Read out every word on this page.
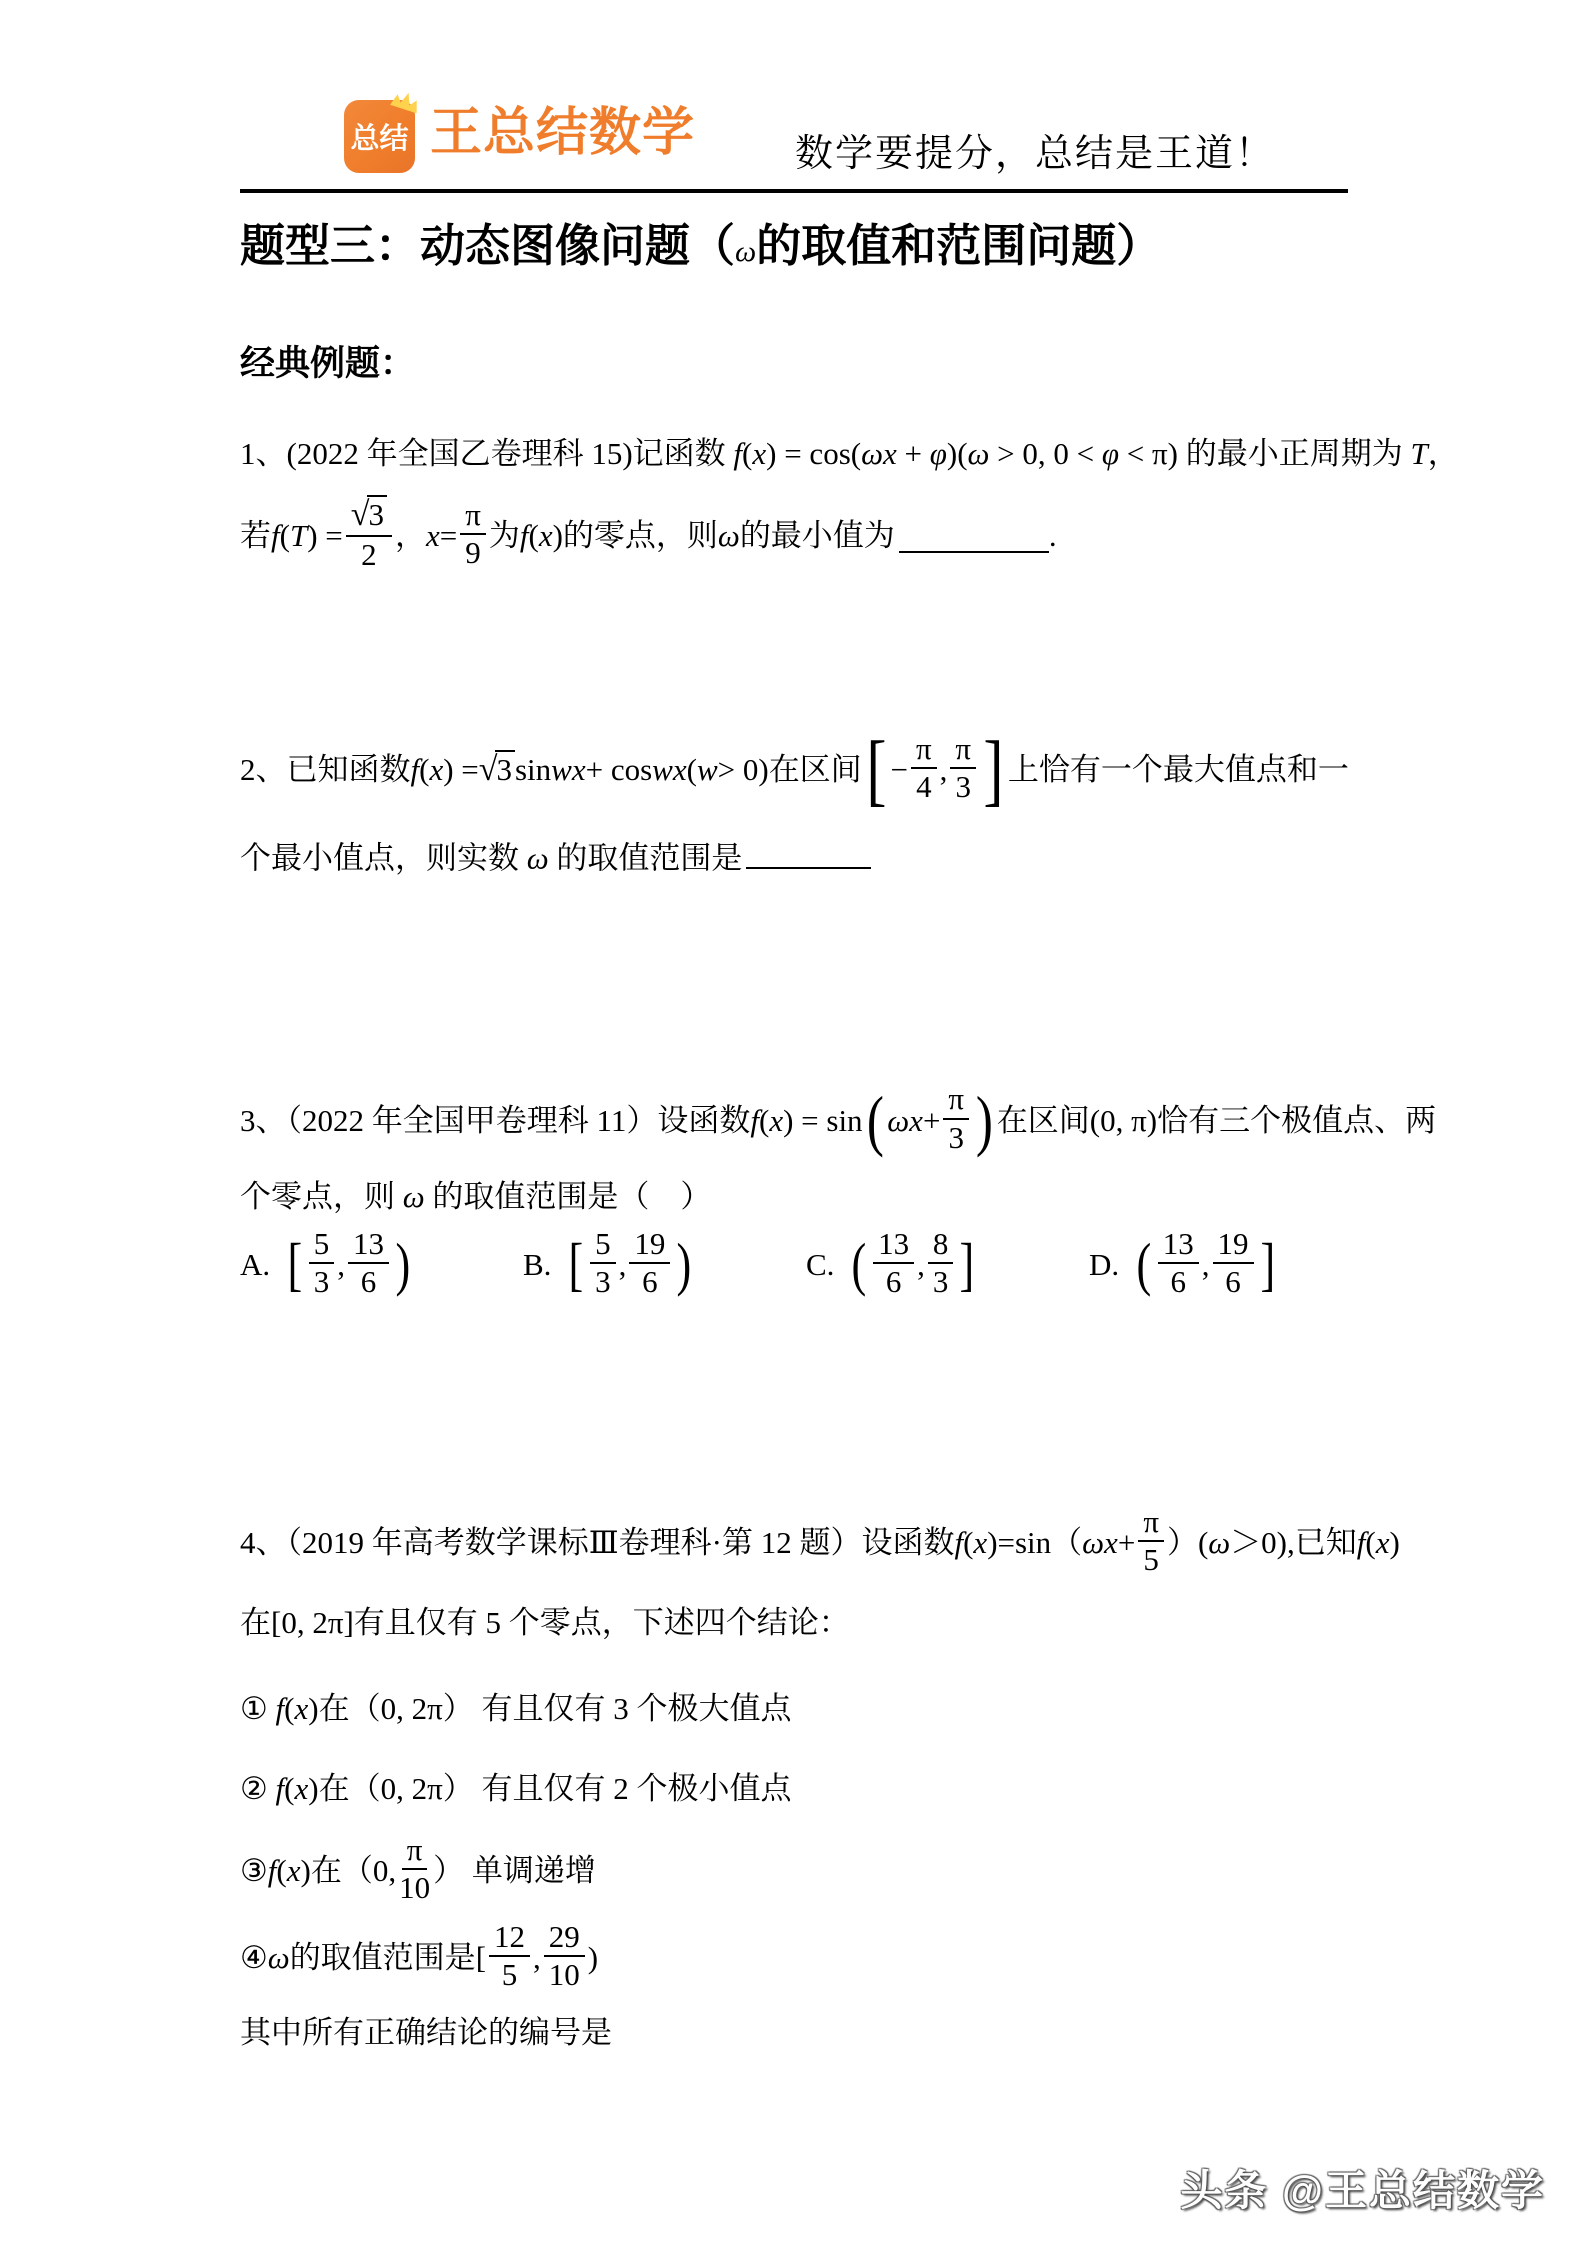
总结 王总结数学	数学要提分，总结是王道！
题型三：动态图像问题（ω的取值和范围问题）
经典例题：

1、(2022 年全国乙卷理科 15)记函数 f(x) = cos(ωx + φ)(ω > 0, 0 < φ < π) 的最小正周期为 T，

若 f ( T ) = $\frac{√3}{2}$ ， $x = \frac{\pi}{9}$ 为 f ( x ) 的零点，则 ω 的最小值为	.

2、已知函数 f ( x ) = √3 sin wx + cos wx ( w > 0) 在区间 [ − $\frac{\pi}{4}$ , $\frac{\pi}{3}$ ] 上恰有一个最大值点和一

个最小值点，则实数 ω 的取值范围是

3、（2022 年全国甲卷理科 11）设函数 f ( x ) = sin ( $\omega x + \frac{\pi}{3}$ ) 在区间 (0, π) 恰有三个极值点、两

个零点，则 ω 的取值范围是（　）

A. [ $\frac{5}{3}$ , $\frac{13}{6}$ )	B. [ $\frac{5}{3}$ , $\frac{19}{6}$ )	C. ( $\frac{13}{6}$ , $\frac{8}{3}$ ]	D. ( $\frac{13}{6}$ , $\frac{19}{6}$ ]

4、（2019 年高考数学课标Ⅲ卷理科·第 12 题）设函数 f ( x )=sin（ $\omega x + \frac{\pi}{5}$ ）( ω ＞0), 已知 f ( x )

在[0, 2π]有且仅有 5 个零点，下述四个结论：

① f(x)在（0, 2π） 有且仅有 3 个极大值点

② f(x)在（0, 2π） 有且仅有 2 个极小值点

③ f ( x ) 在（ 0, $\frac{\pi}{10}$ ） 单调递增

④ ω 的取值范围是 [ $\frac{12}{5}$ , $\frac{29}{10}$ )

其中所有正确结论的编号是

头条 @王总结数学
